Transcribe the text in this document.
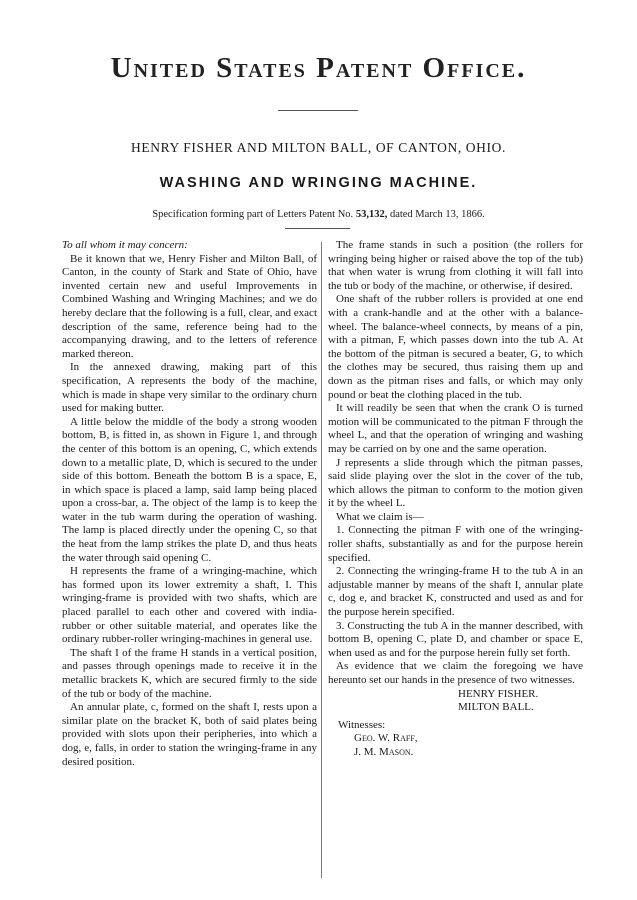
United States Patent Office.
HENRY FISHER AND MILTON BALL, OF CANTON, OHIO.
WASHING AND WRINGING MACHINE.
Specification forming part of Letters Patent No. 53,132, dated March 13, 1866.

To all whom it may concern:

Be it known that we, Henry Fisher and Milton Ball, of Canton, in the county of Stark and State of Ohio, have invented certain new and useful Improvements in Combined Washing and Wringing Machines; and we do hereby declare that the following is a full, clear, and exact description of the same, reference being had to the accompanying drawing, and to the letters of reference marked thereon.

In the annexed drawing, making part of this specification, A represents the body of the machine, which is made in shape very similar to the ordinary churn used for making butter.

A little below the middle of the body a strong wooden bottom, B, is fitted in, as shown in Figure 1, and through the center of this bottom is an opening, C, which extends down to a metallic plate, D, which is secured to the under side of this bottom. Beneath the bottom B is a space, E, in which space is placed a lamp, said lamp being placed upon a cross-bar, a. The object of the lamp is to keep the water in the tub warm during the operation of washing. The lamp is placed directly under the opening C, so that the heat from the lamp strikes the plate D, and thus heats the water through said opening C.

H represents the frame of a wringing-machine, which has formed upon its lower extremity a shaft, I. This wringing-frame is provided with two shafts, which are placed parallel to each other and covered with india-rubber or other suitable material, and operates like the ordinary rubber-roller wringing-machines in general use.

The shaft I of the frame H stands in a vertical position, and passes through openings made to receive it in the metallic brackets K, which are secured firmly to the side of the tub or body of the machine.

An annular plate, c, formed on the shaft I, rests upon a similar plate on the bracket K, both of said plates being provided with slots upon their peripheries, into which a dog, e, falls, in order to station the wringing-frame in any desired position.

The frame stands in such a position (the rollers for wringing being higher or raised above the top of the tub) that when water is wrung from clothing it will fall into the tub or body of the machine, or otherwise, if desired.

One shaft of the rubber rollers is provided at one end with a crank-handle and at the other with a balance-wheel. The balance-wheel connects, by means of a pin, with a pitman, F, which passes down into the tub A. At the bottom of the pitman is secured a beater, G, to which the clothes may be secured, thus raising them up and down as the pitman rises and falls, or which may only pound or beat the clothing placed in the tub.

It will readily be seen that when the crank O is turned motion will be communicated to the pitman F through the wheel L, and that the operation of wringing and washing may be carried on by one and the same operation.

J represents a slide through which the pitman passes, said slide playing over the slot in the cover of the tub, which allows the pitman to conform to the motion given it by the wheel L.

What we claim is—

1. Connecting the pitman F with one of the wringing-roller shafts, substantially as and for the purpose herein specified.

2. Connecting the wringing-frame H to the tub A in an adjustable manner by means of the shaft I, annular plate c, dog e, and bracket K, constructed and used as and for the purpose herein specified.

3. Constructing the tub A in the manner described, with bottom B, opening C, plate D, and chamber or space E, when used as and for the purpose herein fully set forth.

As evidence that we claim the foregoing we have hereunto set our hands in the presence of two witnesses.

HENRY FISHER.

MILTON BALL.

Witnesses:

Geo. W. Raff,

J. M. Mason.
